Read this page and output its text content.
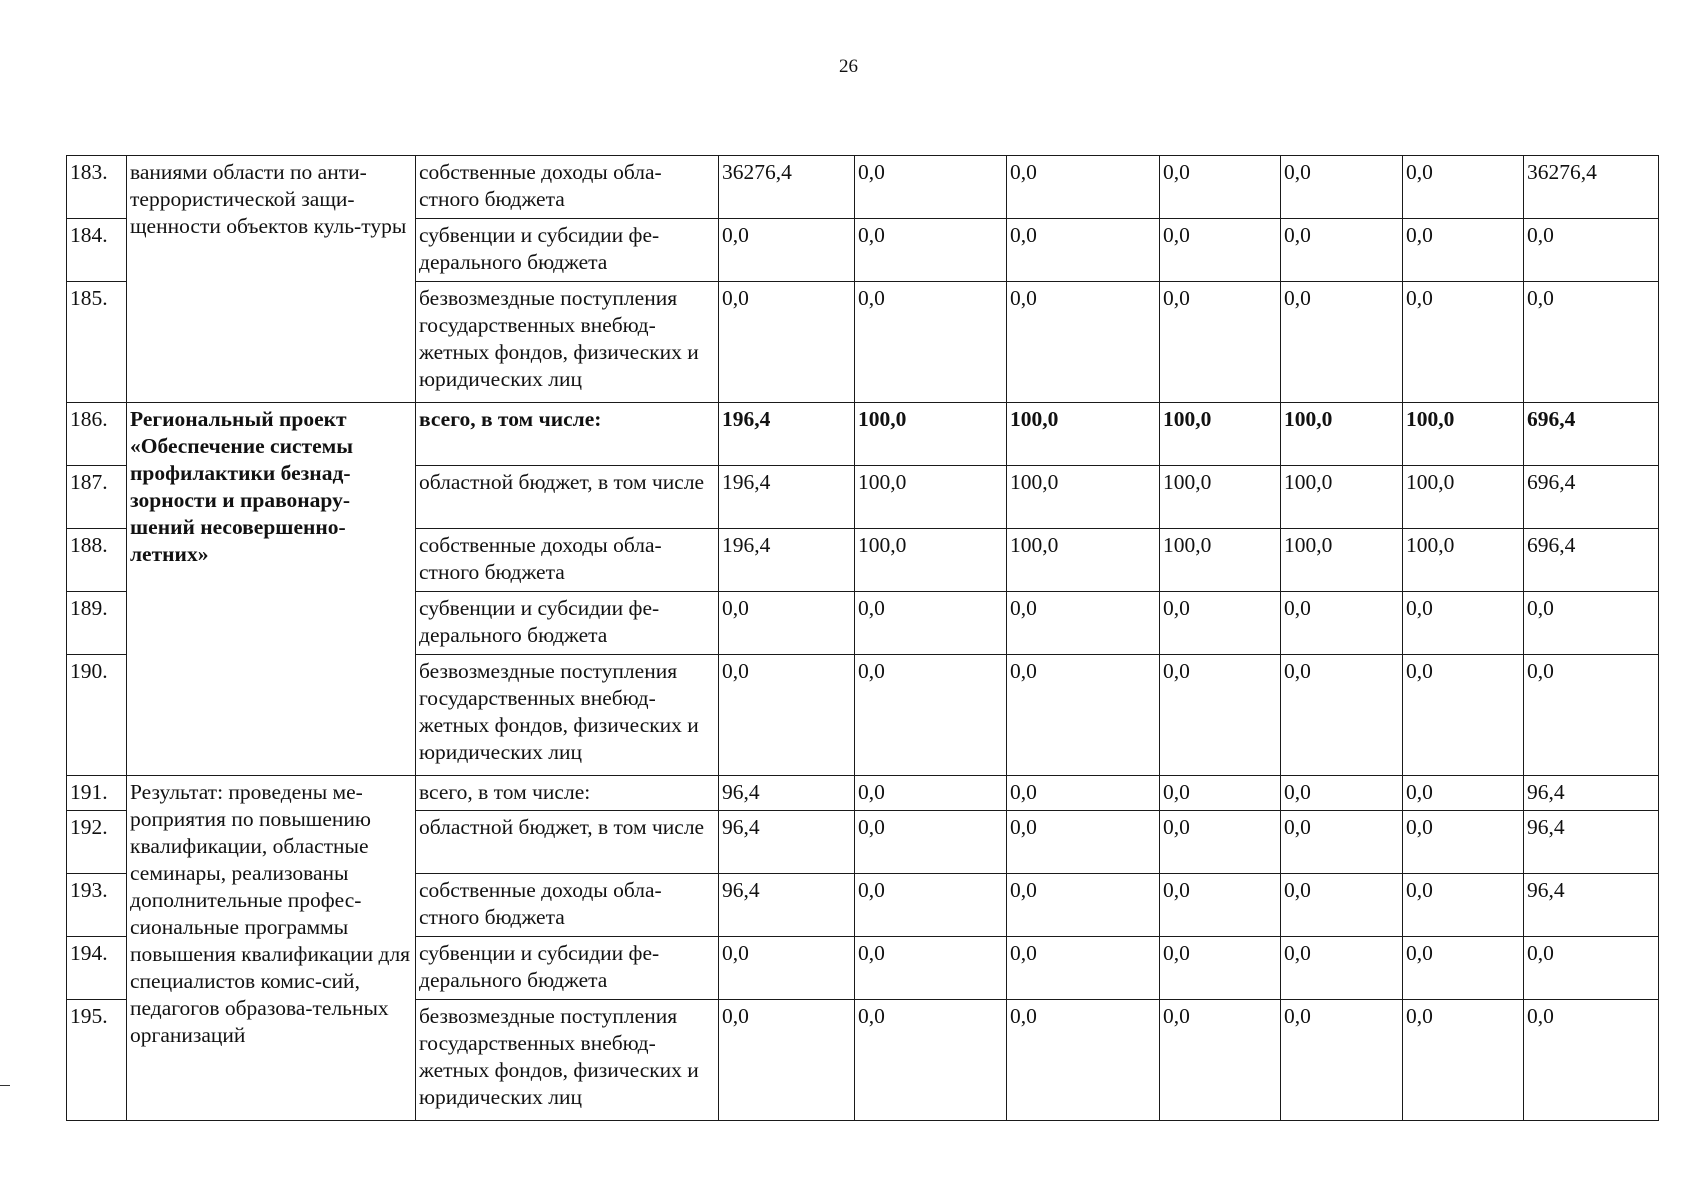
26
183.	ваниями области по анти-террористической защи-щенности объектов куль-туры	собственные доходы обла-стного бюджета	36276,4	0,0	0,0	0,0	0,0	0,0	36276,4
184.		субвенции и субсидии фе-дерального бюджета	0,0	0,0	0,0	0,0	0,0	0,0	0,0
185.		безвозмездные поступления государственных внебюд-жетных фондов, физических и юридических лиц	0,0	0,0	0,0	0,0	0,0	0,0	0,0
186.	Региональный проект «Обеспечение системы профилактики безнад-зорности и правонару-шений несовершенно-летних»	всего, в том числе:	196,4	100,0	100,0	100,0	100,0	100,0	696,4
187.		областной бюджет, в том числе	196,4	100,0	100,0	100,0	100,0	100,0	696,4
188.		собственные доходы обла-стного бюджета	196,4	100,0	100,0	100,0	100,0	100,0	696,4
189.		субвенции и субсидии фе-дерального бюджета	0,0	0,0	0,0	0,0	0,0	0,0	0,0
190.		безвозмездные поступления государственных внебюд-жетных фондов, физических и юридических лиц	0,0	0,0	0,0	0,0	0,0	0,0	0,0
191.	Результат: проведены ме-роприятия по повышению квалификации, областные семинары, реализованы дополнительные профес-сиональные программы повышения квалификации для специалистов комис-сий, педагогов образова-тельных организаций	всего, в том числе:	96,4	0,0	0,0	0,0	0,0	0,0	96,4
192.		областной бюджет, в том числе	96,4	0,0	0,0	0,0	0,0	0,0	96,4
193.		собственные доходы обла-стного бюджета	96,4	0,0	0,0	0,0	0,0	0,0	96,4
194.		субвенции и субсидии фе-дерального бюджета	0,0	0,0	0,0	0,0	0,0	0,0	0,0
195.		безвозмездные поступления государственных внебюд-жетных фондов, физических и юридических лиц	0,0	0,0	0,0	0,0	0,0	0,0	0,0
